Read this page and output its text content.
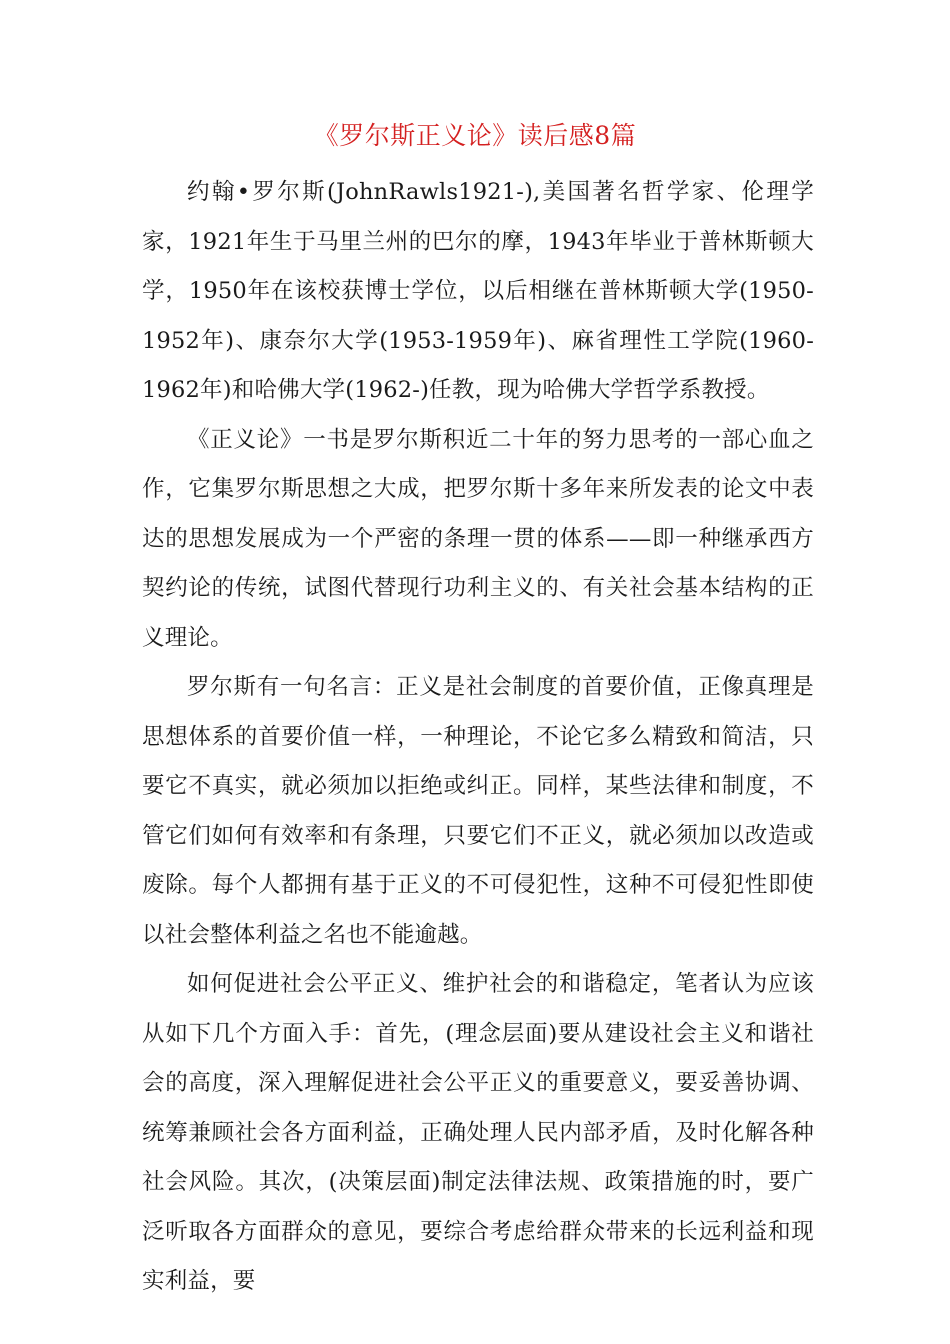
《罗尔斯正义论》读后感8篇

约翰•罗尔斯(JohnRawls1921-),美国著名哲学家、伦理学家，1921年生于马里兰州的巴尔的摩，1943年毕业于普林斯顿大学，1950年在该校获博士学位，以后相继在普林斯顿大学(1950-1952年)、康奈尔大学(1953-1959年)、麻省理性工学院(1960-1962年)和哈佛大学(1962-)任教，现为哈佛大学哲学系教授。

《正义论》一书是罗尔斯积近二十年的努力思考的一部心血之作，它集罗尔斯思想之大成，把罗尔斯十多年来所发表的论文中表达的思想发展成为一个严密的条理一贯的体系——即一种继承西方契约论的传统，试图代替现行功利主义的、有关社会基本结构的正义理论。

罗尔斯有一句名言：正义是社会制度的首要价值，正像真理是思想体系的首要价值一样，一种理论，不论它多么精致和简洁，只要它不真实，就必须加以拒绝或纠正。同样，某些法律和制度，不管它们如何有效率和有条理，只要它们不正义，就必须加以改造或废除。每个人都拥有基于正义的不可侵犯性，这种不可侵犯性即使以社会整体利益之名也不能逾越。

如何促进社会公平正义、维护社会的和谐稳定，笔者认为应该从如下几个方面入手：首先，(理念层面)要从建设社会主义和谐社会的高度，深入理解促进社会公平正义的重要意义，要妥善协调、统筹兼顾社会各方面利益，正确处理人民内部矛盾，及时化解各种社会风险。其次，(决策层面)制定法律法规、政策措施的时，要广泛听取各方面群众的意见，要综合考虑给群众带来的长远利益和现实利益，要
